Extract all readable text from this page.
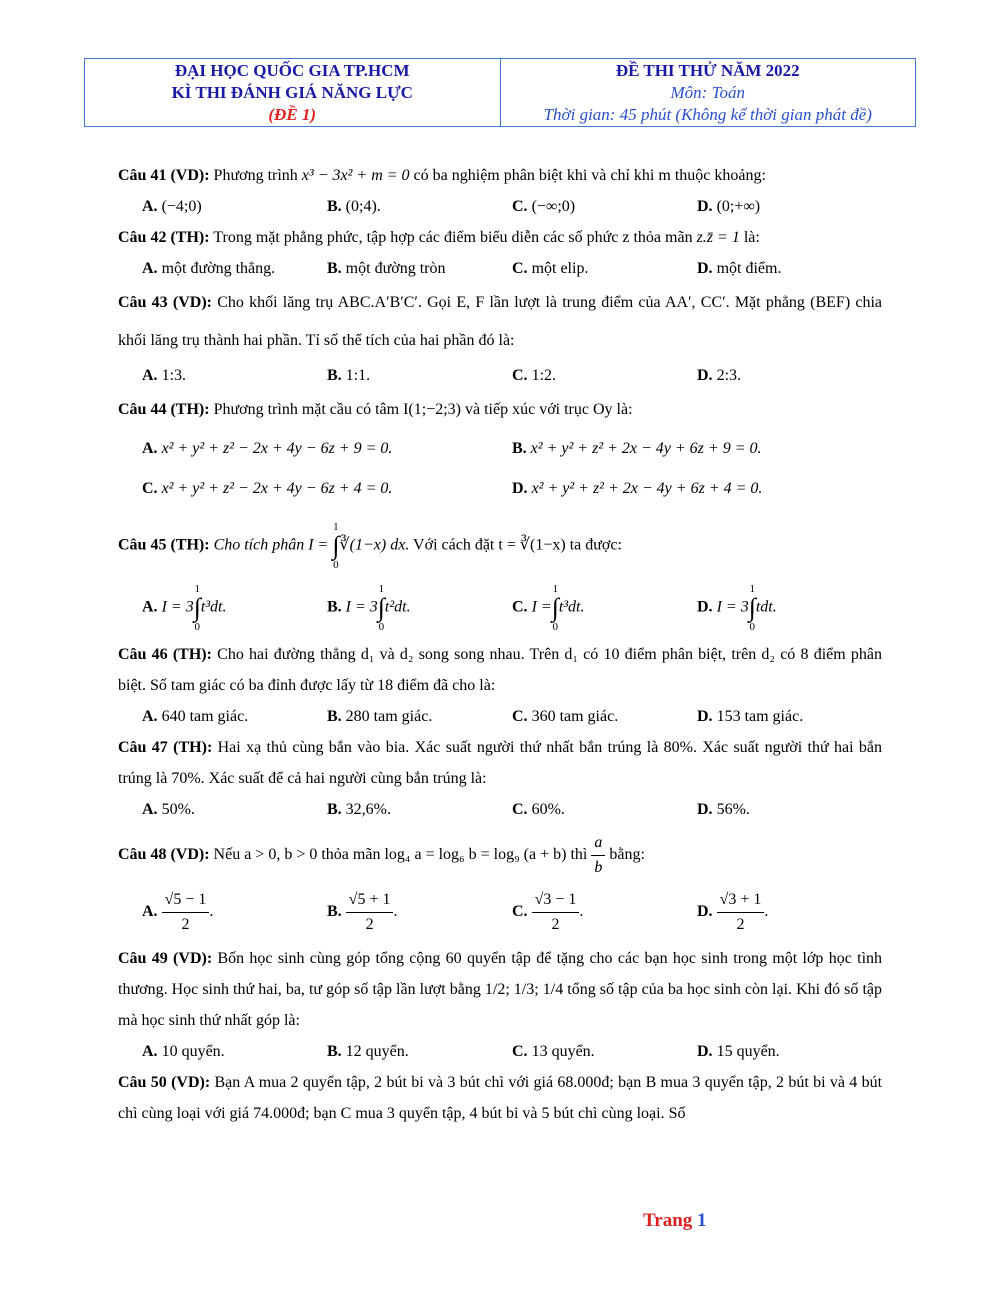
ĐẠI HỌC QUỐC GIA TP.HCM
KÌ THI ĐÁNH GIÁ NĂNG LỰC
(ĐỀ 1)
ĐỀ THI THỬ NĂM 2022
Môn: Toán
Thời gian: 45 phút (Không kể thời gian phát đề)
Câu 41 (VD): Phương trình x³ − 3x² + m = 0 có ba nghiệm phân biệt khi và chỉ khi m thuộc khoảng:
A. (−4;0)	B. (0;4).	C. (−∞;0)	D. (0;+∞)
Câu 42 (TH): Trong mặt phẳng phức, tập hợp các điểm biểu diễn các số phức z thỏa mãn z.z̄ = 1 là:
A. một đường thẳng.	B. một đường tròn	C. một elip.	D. một điểm.
Câu 43 (VD): Cho khối lăng trụ ABC.A′B′C′. Gọi E, F lần lượt là trung điểm của AA′, CC′. Mặt phẳng (BEF) chia khối lăng trụ thành hai phần. Tỉ số thể tích của hai phần đó là:
A. 1:3.	B. 1:1.	C. 1:2.	D. 2:3.
Câu 44 (TH): Phương trình mặt cầu có tâm I(1;−2;3) và tiếp xúc với trục Oy là:
A. x² + y² + z² − 2x + 4y − 6z + 9 = 0.	B. x² + y² + z² + 2x − 4y + 6z + 9 = 0.
C. x² + y² + z² − 2x + 4y − 6z + 4 = 0.	D. x² + y² + z² + 2x − 4y + 6z + 4 = 0.
Câu 45 (TH): Cho tích phân I =
1
∫
0
∛(1−x) dx. Với cách đặt t = ∛(1−x) ta được:
A. I = 3
1
∫
0
t³dt.	B. I = 3
1
∫
0
t²dt.	C. I =
1
∫
0
t³dt.	D. I = 3
1
∫
0
tdt.
Câu 46 (TH): Cho hai đường thẳng d₁ và d₂ song song nhau. Trên d₁ có 10 điểm phân biệt, trên d₂ có 8 điểm phân biệt. Số tam giác có ba đỉnh được lấy từ 18 điểm đã cho là:
A. 640 tam giác.	B. 280 tam giác.	C. 360 tam giác.	D. 153 tam giác.
Câu 47 (TH): Hai xạ thủ cùng bắn vào bia. Xác suất người thứ nhất bắn trúng là 80%. Xác suất người thứ hai bắn trúng là 70%. Xác suất để cả hai người cùng bắn trúng là:
A. 50%.	B. 32,6%.	C. 60%.	D. 56%.
Câu 48 (VD): Nếu a > 0, b > 0 thỏa mãn log₄ a = log₆ b = log₉ (a + b) thì $\frac{a}{b}$ bằng:
A. $\frac{√5 - 1}{2}$ .	B. $\frac{√5 + 1}{2}$ .	C. $\frac{√3 - 1}{2}$ .	D. $\frac{√3 + 1}{2}$ .
Câu 49 (VD): Bốn học sinh cùng góp tổng cộng 60 quyển tập để tặng cho các bạn học sinh trong một lớp học tình thương. Học sinh thứ hai, ba, tư góp số tập lần lượt bằng 1/2; 1/3; 1/4 tổng số tập của ba học sinh còn lại. Khi đó số tập mà học sinh thứ nhất góp là:
A. 10 quyển.	B. 12 quyển.	C. 13 quyển.	D. 15 quyển.
Câu 50 (VD): Bạn A mua 2 quyển tập, 2 bút bi và 3 bút chì với giá 68.000đ; bạn B mua 3 quyển tập, 2 bút bi và 4 bút chì cùng loại với giá 74.000đ; bạn C mua 3 quyển tập, 4 bút bi và 5 bút chì cùng loại. Số
Trang 1
